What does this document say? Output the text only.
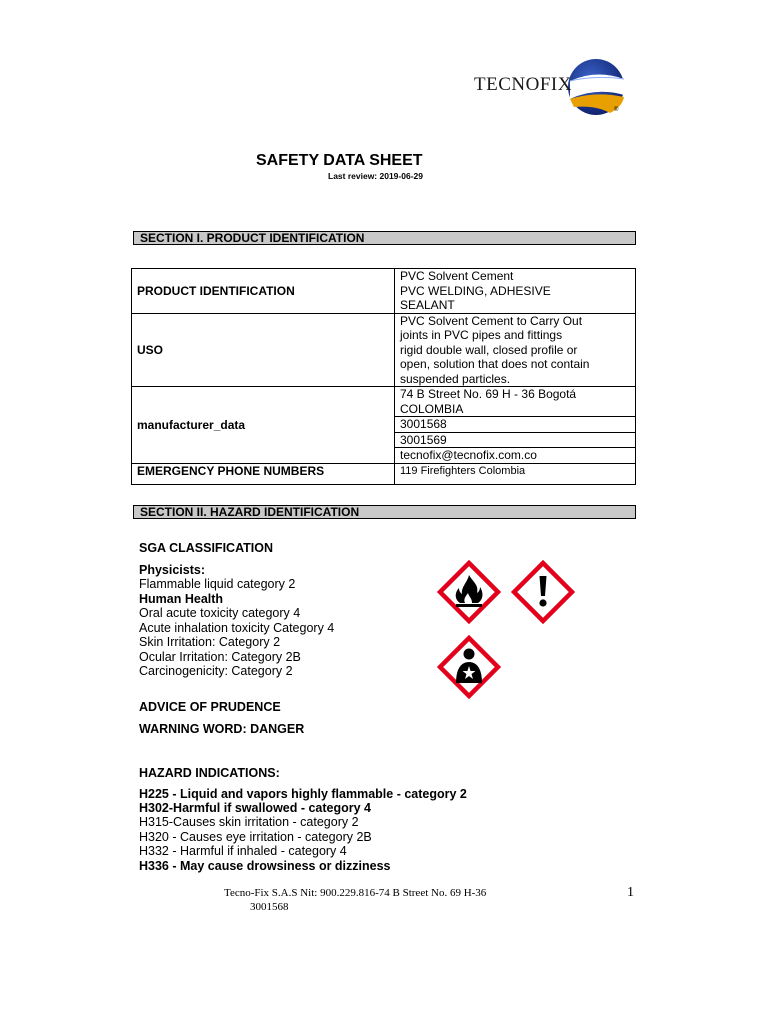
TECNOFIX
®
SAFETY DATA SHEET
Last review: 2019-06-29
SECTION I. PRODUCT IDENTIFICATION
PRODUCT IDENTIFICATION	PVC Solvent Cement
PVC WELDING, ADHESIVE
SEALANT

USO	PVC Solvent Cement to Carry Out
joints in PVC pipes and fittings
rigid double wall, closed profile or
open, solution that does not contain
suspended particles.

manufacturer_data	74 B Street No. 69 H - 36 Bogotá
COLOMBIA

	3001568
	3001569
	tecnofix@tecnofix.com.co
EMERGENCY PHONE NUMBERS	119 Firefighters Colombia
SECTION II. HAZARD IDENTIFICATION
SGA CLASSIFICATION
Physicists:
Flammable liquid category 2
Human Health
Oral acute toxicity category 4
Acute inhalation toxicity Category 4
Skin Irritation: Category 2
Ocular Irritation: Category 2B
Carcinogenicity: Category 2
ADVICE OF PRUDENCE
WARNING WORD: DANGER
HAZARD INDICATIONS:
H225 - Liquid and vapors highly flammable - category 2
H302-Harmful if swallowed - category 4
H315-Causes skin irritation - category 2
H320 - Causes eye irritation - category 2B
H332 - Harmful if inhaled - category 4
H336 - May cause drowsiness or dizziness
Tecno-Fix S.A.S Nit: 900.229.816-74 B Street No. 69 H-36
3001568
1
